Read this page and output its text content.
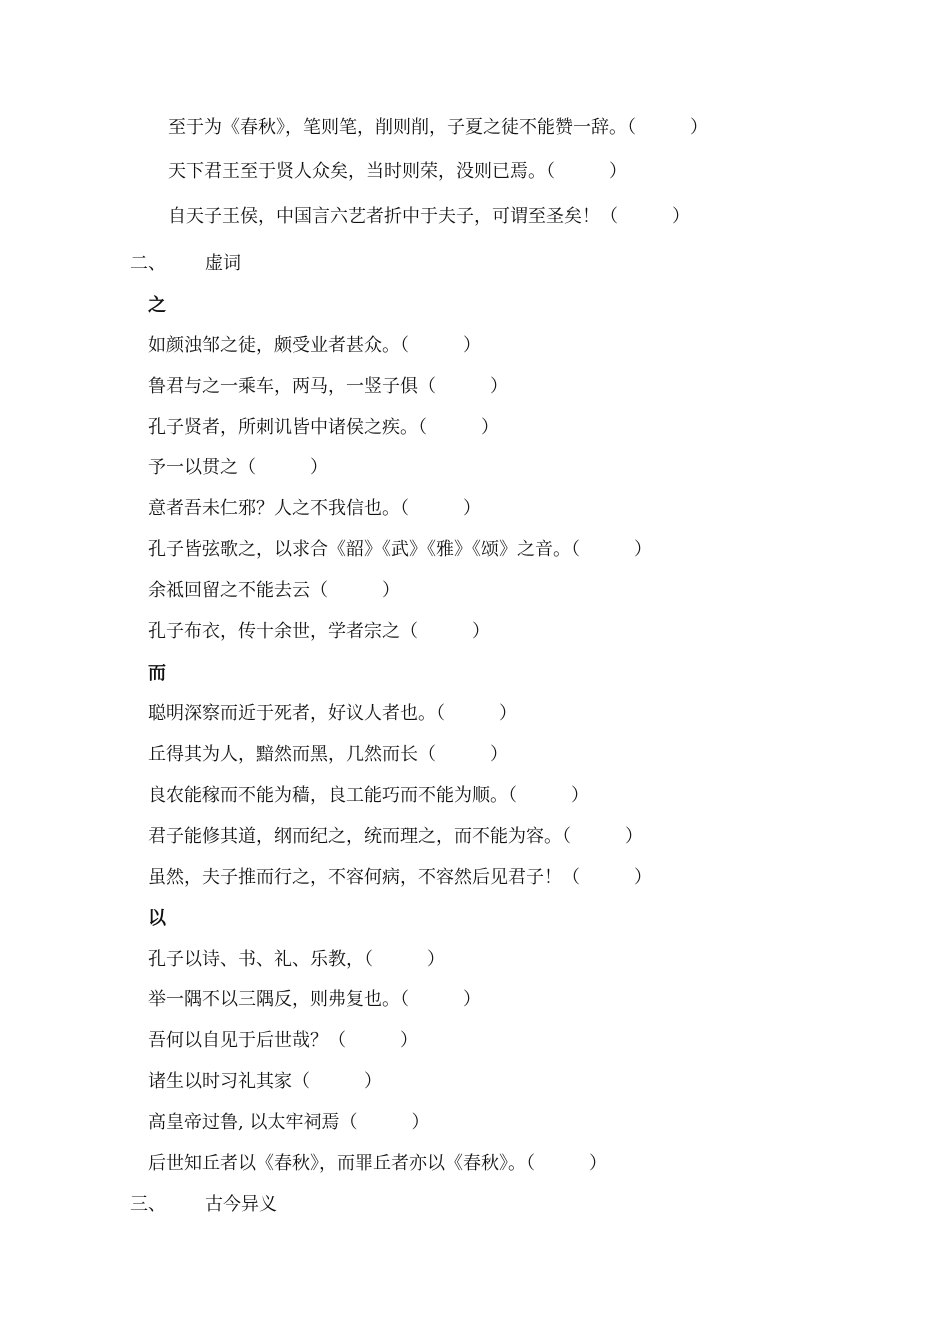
至于为《春秋》，笔则笔，削则削，子夏之徒不能赞一辞。（　　　）
天下君王至于贤人众矣，当时则荣，没则已焉。（　　　）
自天子王侯，中国言六艺者折中于夫子，可谓至圣矣！（　　　）
二、 虚词
之
如颜浊邹之徒，颇受业者甚众。（　　　）
鲁君与之一乘车，两马，一竖子俱（　　　）
孔子贤者，所刺讥皆中诸侯之疾。（　　　）
予一以贯之（　　　）
意者吾未仁邪？人之不我信也。（　　　）
孔子皆弦歌之，以求合《韶》《武》《雅》《颂》之音。（　　　）
余祗回留之不能去云（　　　）
孔子布衣，传十余世，学者宗之（　　　）
而
聪明深察而近于死者，好议人者也。（　　　）
丘得其为人，黯然而黑，几然而长（　　　）
良农能稼而不能为穑，良工能巧而不能为顺。（　　　）
君子能修其道，纲而纪之，统而理之，而不能为容。（　　　）
虽然，夫子推而行之，不容何病，不容然后见君子！（　　　）
以
孔子以诗、书、礼、乐教，（　　　）
举一隅不以三隅反，则弗复也。（　　　）
吾何以自见于后世哉？（　　　）
诸生以时习礼其家（　　　）
高皇帝过鲁, 以太牢祠焉（　　　）
后世知丘者以《春秋》，而罪丘者亦以《春秋》。（　　　）
三、 古今异义
